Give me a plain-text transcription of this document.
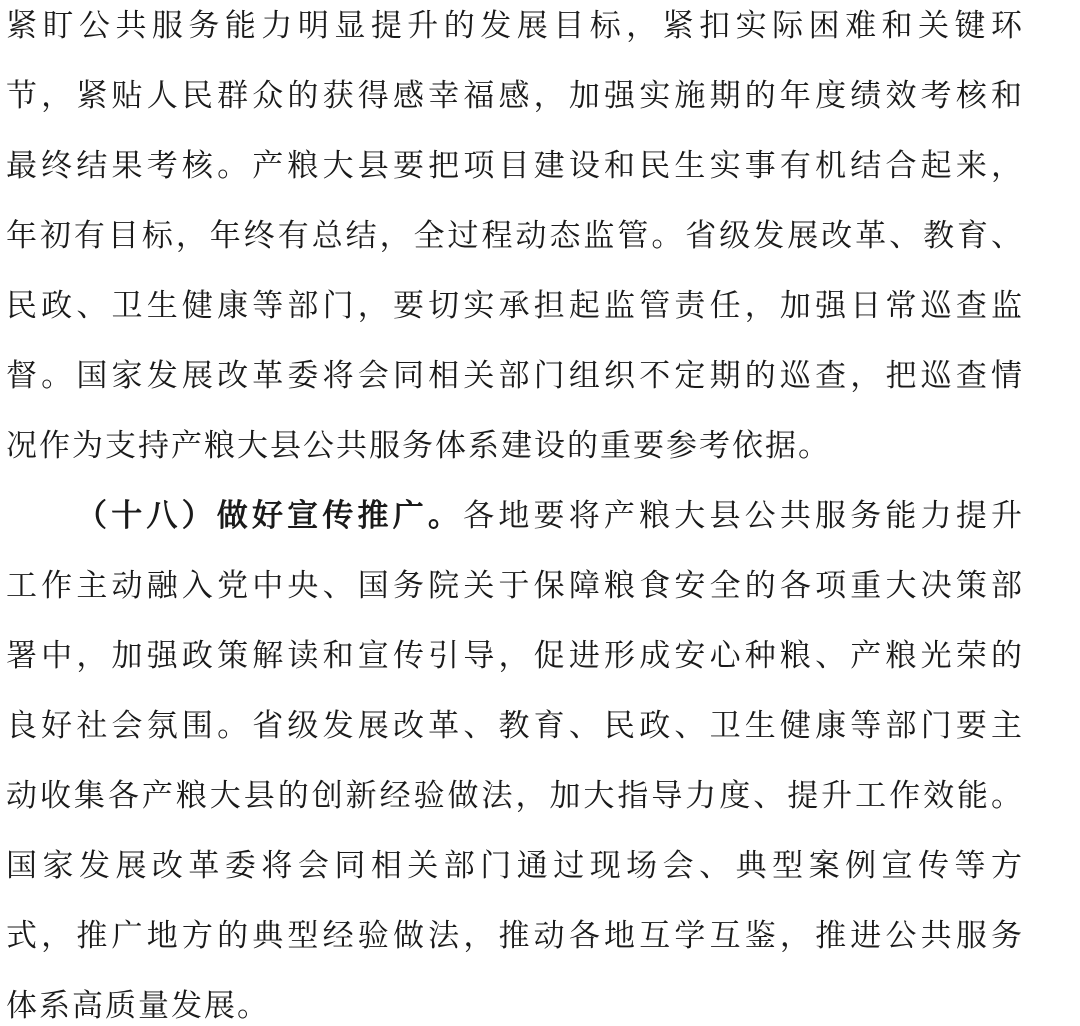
紧盯公共服务能力明显提升的发展目标，紧扣实际困难和关键环
节，紧贴人民群众的获得感幸福感，加强实施期的年度绩效考核和
最终结果考核。产粮大县要把项目建设和民生实事有机结合起来，
年初有目标，年终有总结，全过程动态监管。省级发展改革、教育、
民政、卫生健康等部门，要切实承担起监管责任，加强日常巡查监
督。国家发展改革委将会同相关部门组织不定期的巡查，把巡查情
况作为支持产粮大县公共服务体系建设的重要参考依据。
（十八）做好宣传推广。各地要将产粮大县公共服务能力提升
工作主动融入党中央、国务院关于保障粮食安全的各项重大决策部
署中，加强政策解读和宣传引导，促进形成安心种粮、产粮光荣的
良好社会氛围。省级发展改革、教育、民政、卫生健康等部门要主
动收集各产粮大县的创新经验做法，加大指导力度、提升工作效能。
国家发展改革委将会同相关部门通过现场会、典型案例宣传等方
式，推广地方的典型经验做法，推动各地互学互鉴，推进公共服务
体系高质量发展。
